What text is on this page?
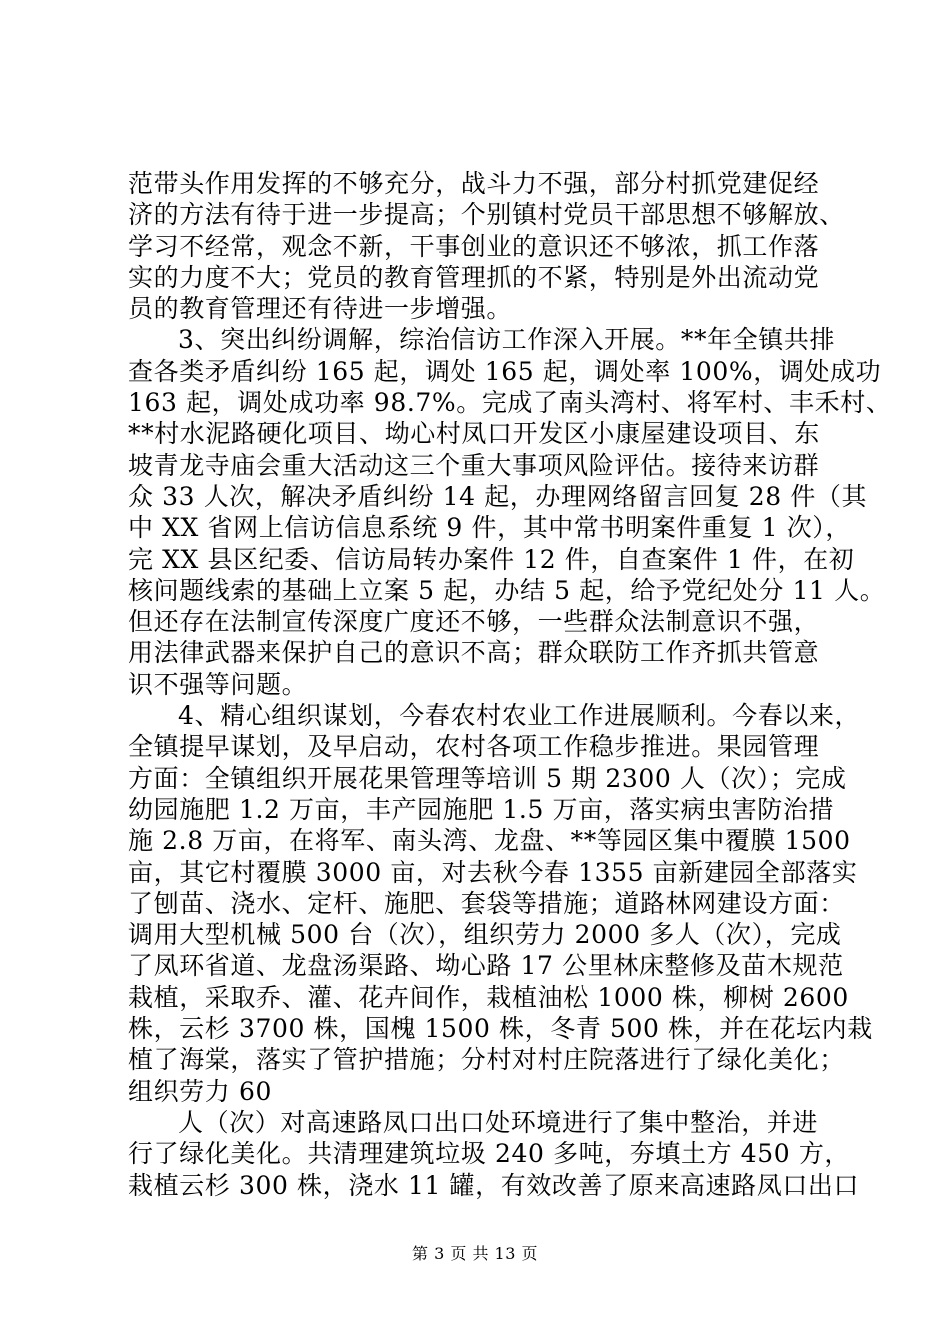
范带头作用发挥的不够充分，战斗力不强，部分村抓党建促经
济的方法有待于进一步提高；个别镇村党员干部思想不够解放、
学习不经常，观念不新，干事创业的意识还不够浓，抓工作落
实的力度不大；党员的教育管理抓的不紧，特别是外出流动党
员的教育管理还有待进一步增强。
3、突出纠纷调解，综治信访工作深入开展。**年全镇共排
查各类矛盾纠纷 165 起，调处 165 起，调处率 100%，调处成功
163 起，调处成功率 98.7%。完成了南头湾村、将军村、丰禾村、
**村水泥路硬化项目、坳心村凤口开发区小康屋建设项目、东
坡青龙寺庙会重大活动这三个重大事项风险评估。接待来访群
众 33 人次，解决矛盾纠纷 14 起，办理网络留言回复 28 件（其
中 XX 省网上信访信息系统 9 件，其中常书明案件重复 1 次），
完 XX 县区纪委、信访局转办案件 12 件，自查案件 1 件，在初
核问题线索的基础上立案 5 起，办结 5 起，给予党纪处分 11 人。
但还存在法制宣传深度广度还不够，一些群众法制意识不强，
用法律武器来保护自己的意识不高；群众联防工作齐抓共管意
识不强等问题。
4、精心组织谋划，今春农村农业工作进展顺利。今春以来，
全镇提早谋划，及早启动，农村各项工作稳步推进。果园管理
方面：全镇组织开展花果管理等培训 5 期 2300 人（次）；完成
幼园施肥 1.2 万亩，丰产园施肥 1.5 万亩，落实病虫害防治措
施 2.8 万亩，在将军、南头湾、龙盘、**等园区集中覆膜 1500
亩，其它村覆膜 3000 亩，对去秋今春 1355 亩新建园全部落实
了刨苗、浇水、定杆、施肥、套袋等措施；道路林网建设方面：
调用大型机械 500 台（次），组织劳力 2000 多人（次），完成
了凤环省道、龙盘汤渠路、坳心路 17 公里林床整修及苗木规范
栽植，采取乔、灌、花卉间作，栽植油松 1000 株，柳树 2600
株，云杉 3700 株，国槐 1500 株，冬青 500 株，并在花坛内栽
植了海棠，落实了管护措施；分村对村庄院落进行了绿化美化；
组织劳力 60
人（次）对高速路凤口出口处环境进行了集中整治，并进
行了绿化美化。共清理建筑垃圾 240 多吨，夯填土方 450 方，
栽植云杉 300 株，浇水 11 罐，有效改善了原来高速路凤口出口
第 3 页 共 13 页
